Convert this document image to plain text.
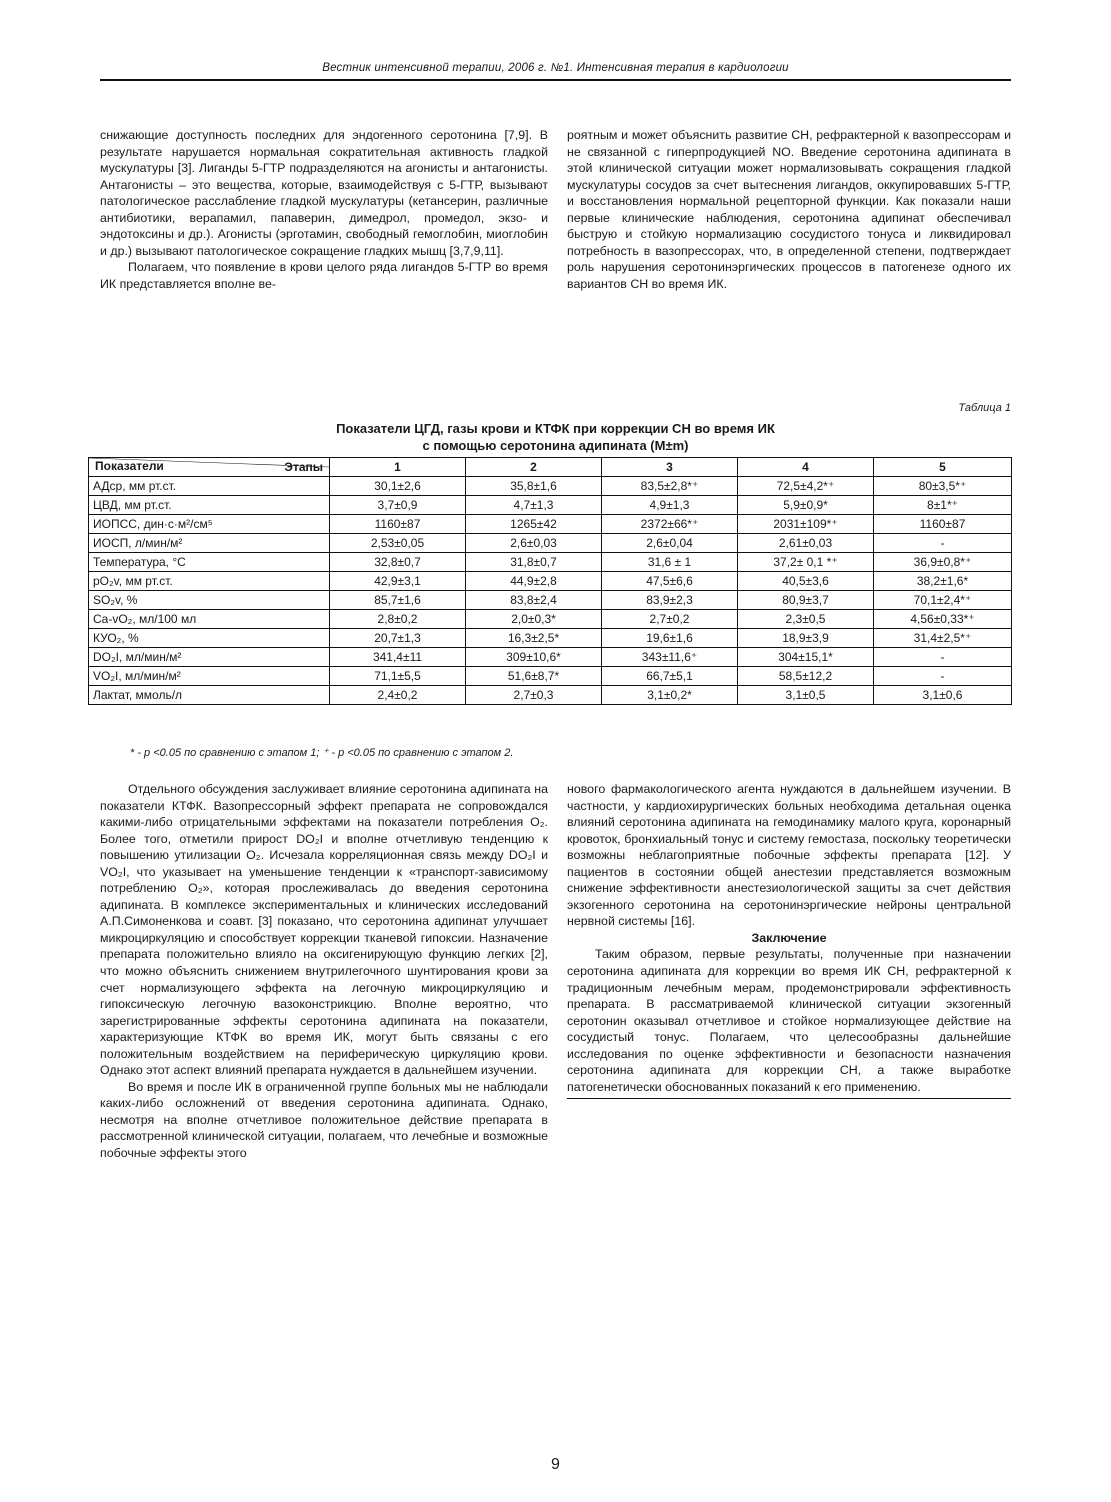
Вестник интенсивной терапии, 2006 г. №1. Интенсивная терапия в кардиологии

снижающие доступность последних для эндогенного серотонина [7,9]. В результате нарушается нормальная сократительная активность гладкой мускулатуры [3]. Лиганды 5-ГТР подразделяются на агонисты и антагонисты. Антагонисты – это вещества, которые, взаимодействуя с 5-ГТР, вызывают патологическое расслабление гладкой мускулатуры (кетансерин, различные антибиотики, верапамил, папаверин, димедрол, промедол, экзо- и эндотоксины и др.). Агонисты (эрготамин, свободный гемоглобин, миоглобин и др.) вызывают патологическое сокращение гладких мышц [3,7,9,11].

Полагаем, что появление в крови целого ряда лигандов 5-ГТР во время ИК представляется вполне ве-

роятным и может объяснить развитие СН, рефрактерной к вазопрессорам и не связанной с гиперпродукцией NO. Введение серотонина адипината в этой клинической ситуации может нормализовывать сокращения гладкой мускулатуры сосудов за счет вытеснения лигандов, оккупировавших 5-ГТР, и восстановления нормальной рецепторной функции. Как показали наши первые клинические наблюдения, серотонина адипинат обеспечивал быструю и стойкую нормализацию сосудистого тонуса и ликвидировал потребность в вазопрессорах, что, в определенной степени, подтверждает роль нарушения серотонинэргических процессов в патогенезе одного их вариантов СН во время ИК.

Таблица 1
Показатели ЦГД, газы крови и КТФК при коррекции СН во время ИК
с помощью серотонина адипината (M±m)
Этапы
Показатели	1	2	3	4	5
АДср, мм рт.ст.	30,1±2,6	35,8±1,6	83,5±2,8*⁺	72,5±4,2*⁺	80±3,5*⁺
ЦВД, мм рт.ст.	3,7±0,9	4,7±1,3	4,9±1,3	5,9±0,9*	8±1*⁺
ИОПСС, дин·с·м²/см⁵	1160±87	1265±42	2372±66*⁺	2031±109*⁺	1160±87
ИОСП, л/мин/м²	2,53±0,05	2,6±0,03	2,6±0,04	2,61±0,03	-
Температура, °С	32,8±0,7	31,8±0,7	31,6 ± 1	37,2± 0,1 *⁺	36,9±0,8*⁺
рО₂v, мм рт.ст.	42,9±3,1	44,9±2,8	47,5±6,6	40,5±3,6	38,2±1,6*
SO₂v, %	85,7±1,6	83,8±2,4	83,9±2,3	80,9±3,7	70,1±2,4*⁺
Ca-vO₂, мл/100 мл	2,8±0,2	2,0±0,3*	2,7±0,2	2,3±0,5	4,56±0,33*⁺
КУО₂, %	20,7±1,3	16,3±2,5*	19,6±1,6	18,9±3,9	31,4±2,5*⁺
DO₂I, мл/мин/м²	341,4±11	309±10,6*	343±11,6⁺	304±15,1*	-
VO₂I, мл/мин/м²	71,1±5,5	51,6±8,7*	66,7±5,1	58,5±12,2	-
Лактат, ммоль/л	2,4±0,2	2,7±0,3	3,1±0,2*	3,1±0,5	3,1±0,6
* - р <0.05 по сравнению с этапом 1; ⁺ - р <0.05 по сравнению с этапом 2.

Отдельного обсуждения заслуживает влияние серотонина адипината на показатели КТФК. Вазопрессорный эффект препарата не сопровождался какими-либо отрицательными эффектами на показатели потребления О₂. Более того, отметили прирост DO₂I и вполне отчетливую тенденцию к повышению утилизации О₂. Исчезала корреляционная связь между DO₂I и VO₂I, что указывает на уменьшение тенденции к «транспорт-зависимому потреблению О₂», которая прослеживалась до введения серотонина адипината. В комплексе экспериментальных и клинических исследований А.П.Симоненкова и соавт. [3] показано, что серотонина адипинат улучшает микроциркуляцию и способствует коррекции тканевой гипоксии. Назначение препарата положительно влияло на оксигенирующую функцию легких [2], что можно объяснить снижением внутрилегочного шунтирования крови за счет нормализующего эффекта на легочную микроциркуляцию и гипоксическую легочную вазоконстрикцию. Вполне вероятно, что зарегистрированные эффекты серотонина адипината на показатели, характеризующие КТФК во время ИК, могут быть связаны с его положительным воздействием на периферическую циркуляцию крови. Однако этот аспект влияний препарата нуждается в дальнейшем изучении.

Во время и после ИК в ограниченной группе больных мы не наблюдали каких-либо осложнений от введения серотонина адипината. Однако, несмотря на вполне отчетливое положительное действие препарата в рассмотренной клинической ситуации, полагаем, что лечебные и возможные побочные эффекты этого

нового фармакологического агента нуждаются в дальнейшем изучении. В частности, у кардиохирургических больных необходима детальная оценка влияний серотонина адипината на гемодинамику малого круга, коронарный кровоток, бронхиальный тонус и систему гемостаза, поскольку теоретически возможны неблагоприятные побочные эффекты препарата [12]. У пациентов в состоянии общей анестезии представляется возможным снижение эффективности анестезиологической защиты за счет действия экзогенного серотонина на серотонинэргические нейроны центральной нервной системы [16].

Заключение

Таким образом, первые результаты, полученные при назначении серотонина адипината для коррекции во время ИК СН, рефрактерной к традиционным лечебным мерам, продемонстрировали эффективность препарата. В рассматриваемой клинической ситуации экзогенный серотонин оказывал отчетливое и стойкое нормализующее действие на сосудистый тонус. Полагаем, что целесообразны дальнейшие исследования по оценке эффективности и безопасности назначения серотонина адипината для коррекции СН, а также выработке патогенетически обоснованных показаний к его применению.

9
